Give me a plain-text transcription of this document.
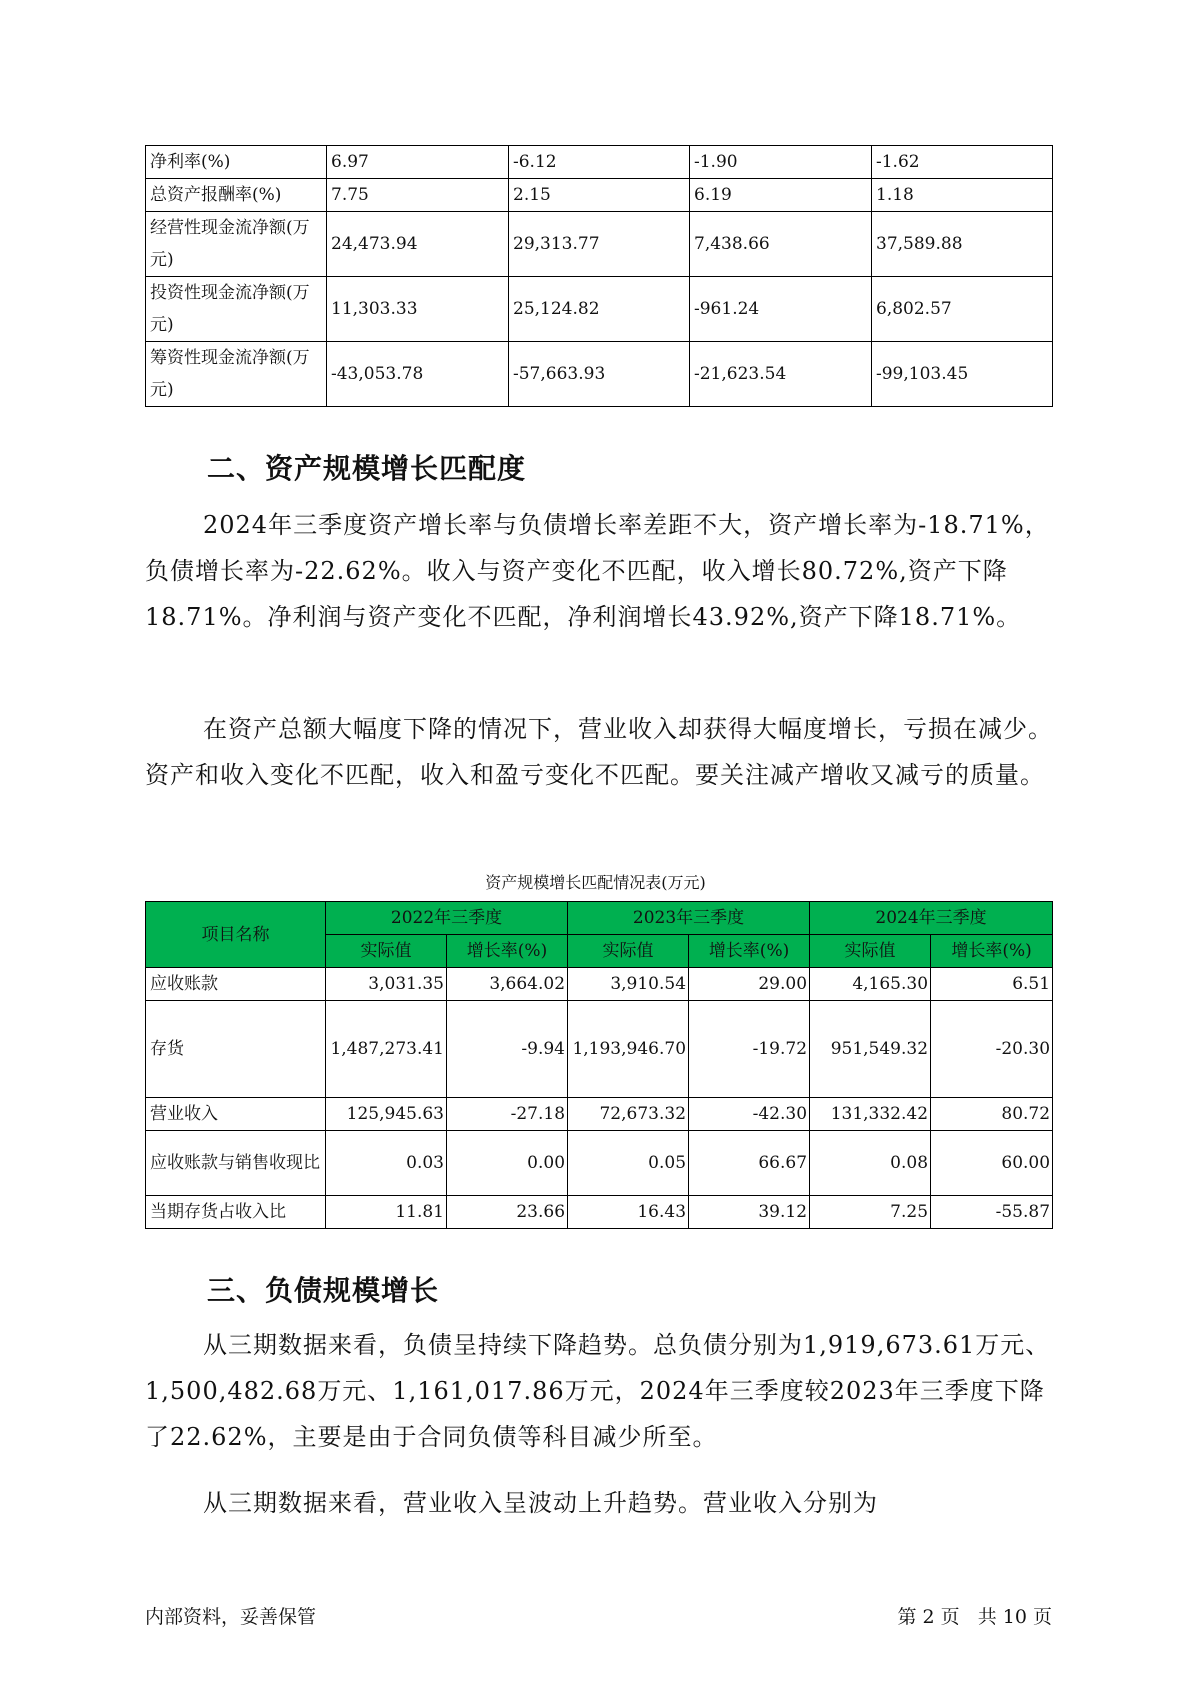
净利率(%)	6.97	-6.12	-1.90	-1.62
总资产报酬率(%)	7.75	2.15	6.19	1.18
经营性现金流净额(万元)	24,473.94	29,313.77	7,438.66	37,589.88
投资性现金流净额(万元)	11,303.33	25,124.82	-961.24	6,802.57
筹资性现金流净额(万元)	-43,053.78	-57,663.93	-21,623.54	-99,103.45
二、资产规模增长匹配度

2024年三季度资产增长率与负债增长率差距不大，资产增长率为-18.71%，负债增长率为-22.62%。收入与资产变化不匹配，收入增长80.72%,资产下降18.71%。净利润与资产变化不匹配，净利润增长43.92%,资产下降18.71%。

在资产总额大幅度下降的情况下，营业收入却获得大幅度增长，亏损在减少。资产和收入变化不匹配，收入和盈亏变化不匹配。要关注减产增收又减亏的质量。

资产规模增长匹配情况表(万元)

项目名称	2022年三季度		2023年三季度		2024年三季度	
	实际值	增长率(%)	实际值	增长率(%)	实际值	增长率(%)
应收账款	3,031.35	3,664.02	3,910.54	29.00	4,165.30	6.51
存货	1,487,273.41	-9.94	1,193,946.70	-19.72	951,549.32	-20.30
营业收入	125,945.63	-27.18	72,673.32	-42.30	131,332.42	80.72
应收账款与销售收现比	0.03	0.00	0.05	66.67	0.08	60.00
当期存货占收入比	11.81	23.66	16.43	39.12	7.25	-55.87
三、负债规模增长

从三期数据来看，负债呈持续下降趋势。总负债分别为1,919,673.61万元、1,500,482.68万元、1,161,017.86万元，2024年三季度较2023年三季度下降了22.62%，主要是由于合同负债等科目减少所至。

从三期数据来看，营业收入呈波动上升趋势。营业收入分别为

内部资料，妥善保管	第 2 页   共 10 页
